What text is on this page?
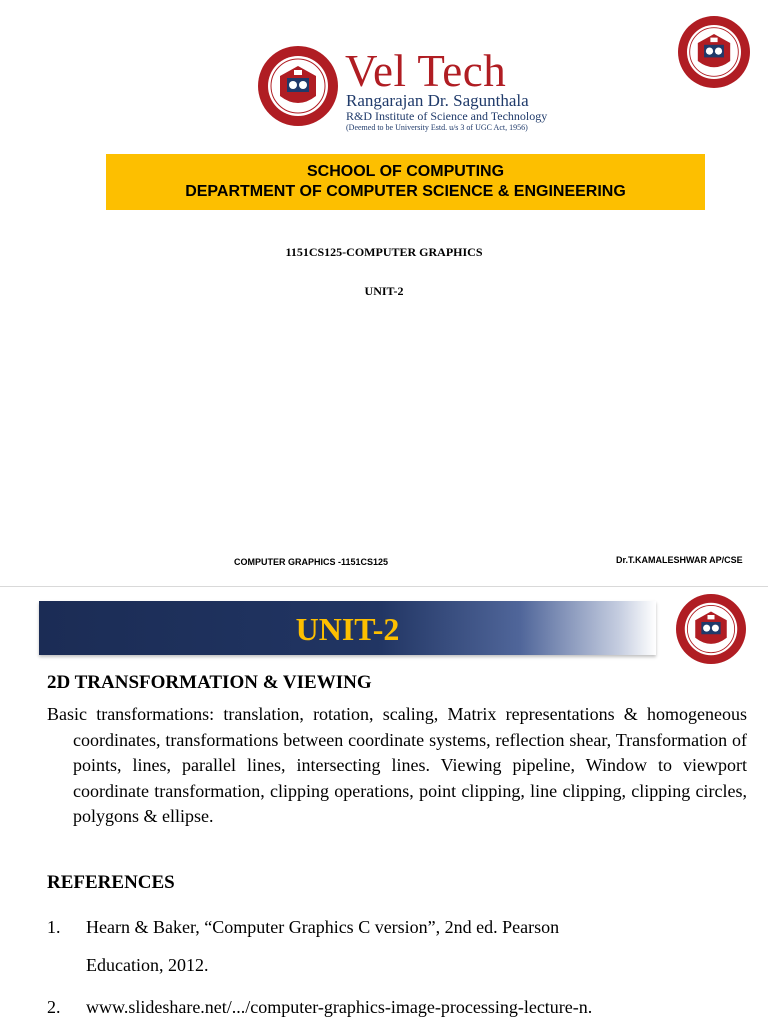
Vel Tech
Rangarajan Dr. Sagunthala
R&D Institute of Science and Technology
(Deemed to be University Estd. u/s 3 of UGC Act, 1956)
SCHOOL OF COMPUTING
DEPARTMENT OF COMPUTER SCIENCE & ENGINEERING
1151CS125-COMPUTER GRAPHICS
UNIT-2
COMPUTER GRAPHICS -1151CS125	Dr.T.KAMALESHWAR AP/CSE
UNIT-2
2D TRANSFORMATION & VIEWING
Basic transformations: translation, rotation, scaling, Matrix representations & homogeneous coordinates, transformations between coordinate systems, reflection shear, Transformation of points, lines, parallel lines, intersecting lines. Viewing pipeline, Window to viewport coordinate transformation, clipping operations, point clipping, line clipping, clipping circles, polygons & ellipse.
REFERENCES
1. Hearn & Baker, “Computer Graphics C version”, 2nd ed. Pearson
Education, 2012.
2. www.slideshare.net/.../computer-graphics-image-processing-lecture-n.
